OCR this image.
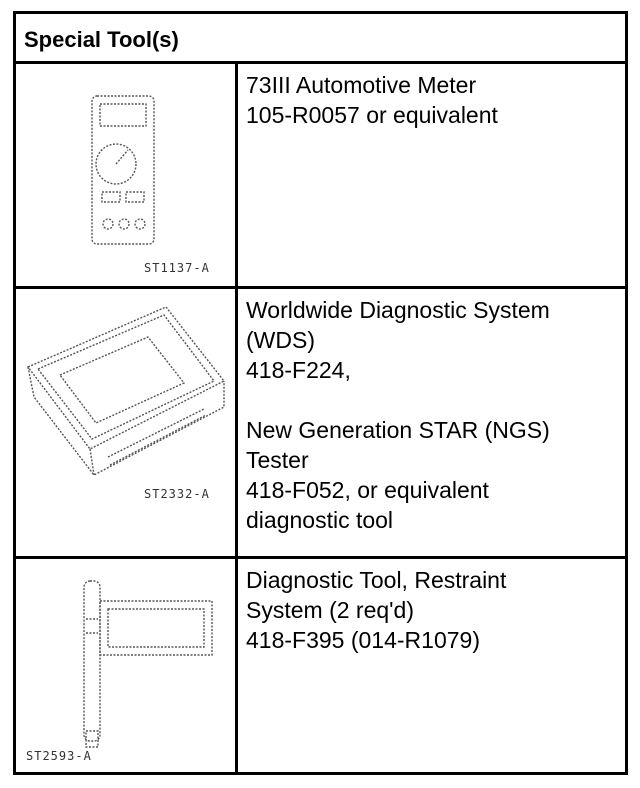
Special Tool(s)
ST1137-A
73III Automotive Meter
105-R0057 or equivalent
ST2332-A
Worldwide Diagnostic System
(WDS)
418-F224,
New Generation STAR (NGS)
Tester
418-F052, or equivalent
diagnostic tool
ST2593-A
Diagnostic Tool, Restraint
System (2 req'd)
418-F395 (014-R1079)
